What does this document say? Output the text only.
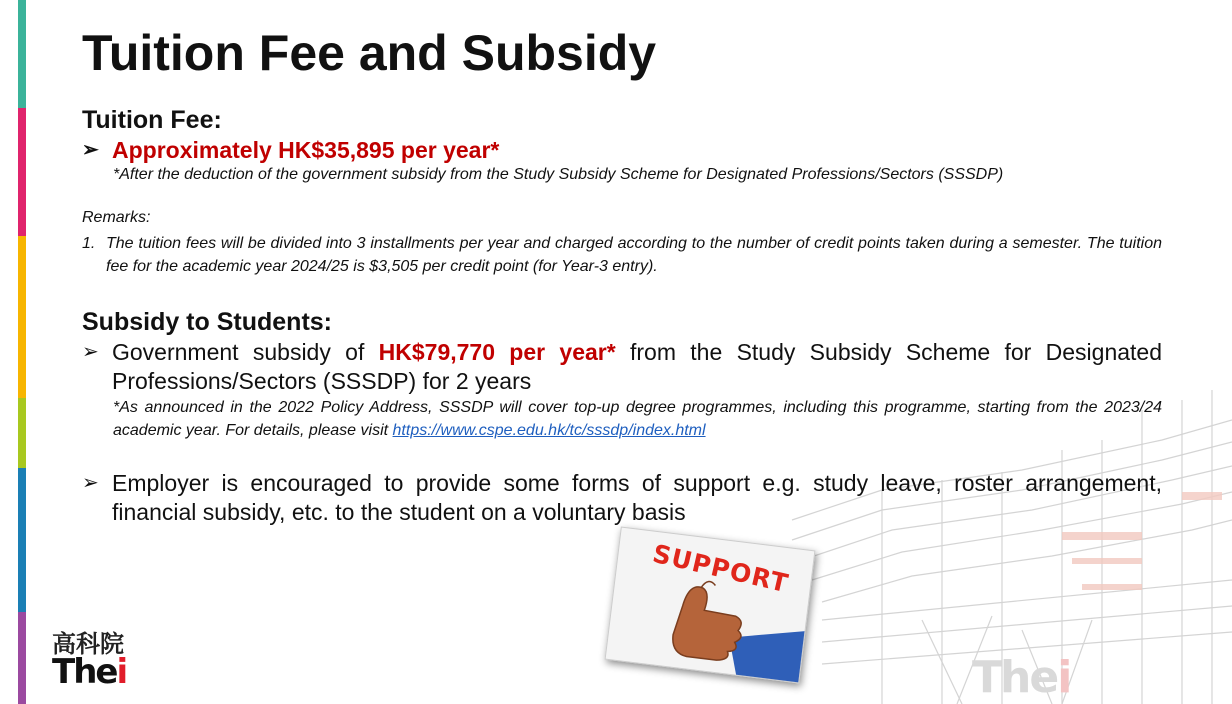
Tuition Fee and Subsidy
Tuition Fee:
➢ Approximately HK$35,895 per year*
*After the deduction of the government subsidy from the Study Subsidy Scheme for Designated Professions/Sectors (SSSDP)
Remarks:
1. The tuition fees will be divided into 3 installments per year and charged according to the number of credit points taken during a semester. The tuition fee for the academic year 2024/25 is $3,505 per credit point (for Year-3 entry).
Subsidy to Students:
➢ Government subsidy of HK$79,770 per year* from the Study Subsidy Scheme for Designated Professions/Sectors (SSSDP) for 2 years
*As announced in the 2022 Policy Address, SSSDP will cover top-up degree programmes, including this programme, starting from the 2023/24 academic year. For details, please visit https://www.cspe.edu.hk/tc/sssdp/index.html
➢ Employer is encouraged to provide some forms of support e.g. study leave, roster arrangement, financial subsidy, etc. to the student on a voluntary basis
SUPPORT
高科院
Thei	Thei
